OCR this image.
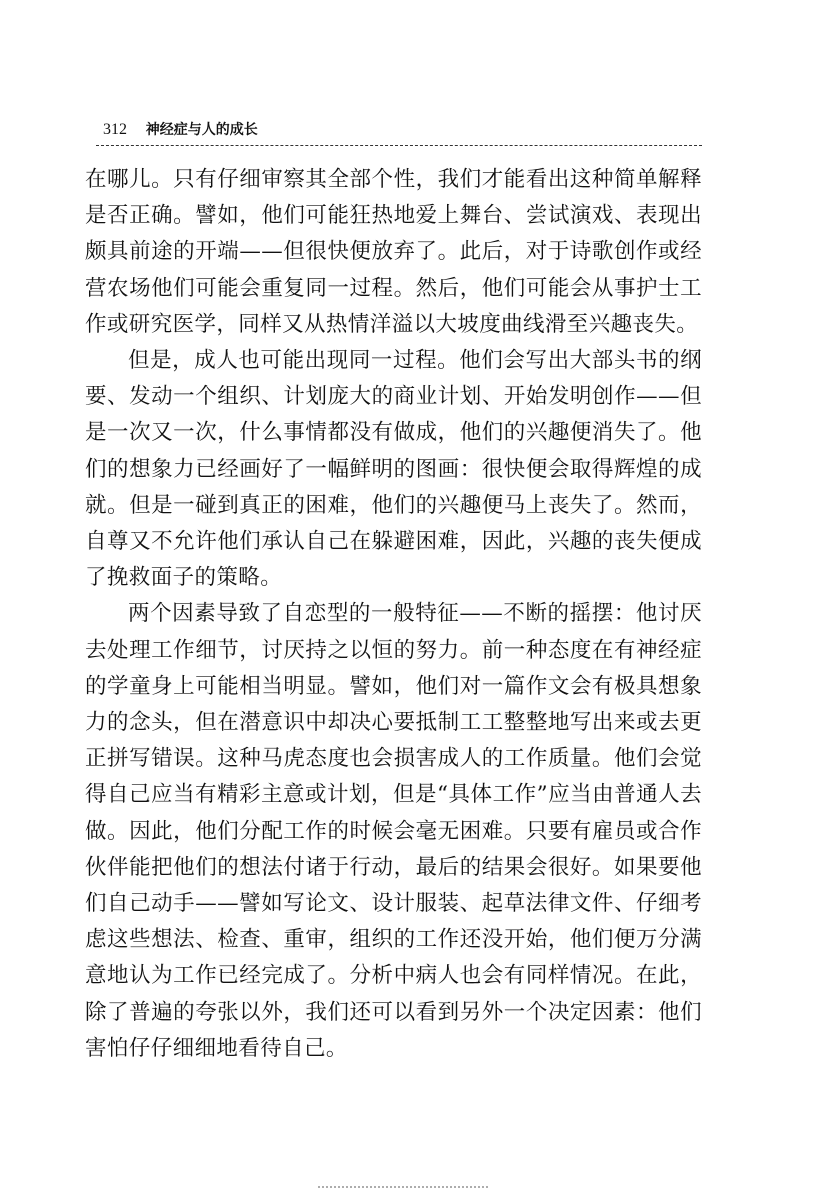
312 神经症与人的成长

在哪儿。只有仔细审察其全部个性，我们才能看出这种简单解释是否正确。譬如，他们可能狂热地爱上舞台、尝试演戏、表现出颇具前途的开端——但很快便放弃了。此后，对于诗歌创作或经营农场他们可能会重复同一过程。然后，他们可能会从事护士工作或研究医学，同样又从热情洋溢以大坡度曲线滑至兴趣丧失。

但是，成人也可能出现同一过程。他们会写出大部头书的纲要、发动一个组织、计划庞大的商业计划、开始发明创作——但是一次又一次，什么事情都没有做成，他们的兴趣便消失了。他们的想象力已经画好了一幅鲜明的图画：很快便会取得辉煌的成就。但是一碰到真正的困难，他们的兴趣便马上丧失了。然而，自尊又不允许他们承认自己在躲避困难，因此，兴趣的丧失便成了挽救面子的策略。

两个因素导致了自恋型的一般特征——不断的摇摆：他讨厌去处理工作细节，讨厌持之以恒的努力。前一种态度在有神经症的学童身上可能相当明显。譬如，他们对一篇作文会有极具想象力的念头，但在潜意识中却决心要抵制工工整整地写出来或去更正拼写错误。这种马虎态度也会损害成人的工作质量。他们会觉得自己应当有精彩主意或计划，但是“具体工作”应当由普通人去做。因此，他们分配工作的时候会毫无困难。只要有雇员或合作伙伴能把他们的想法付诸于行动，最后的结果会很好。如果要他们自己动手——譬如写论文、设计服装、起草法律文件、仔细考虑这些想法、检查、重审，组织的工作还没开始，他们便万分满意地认为工作已经完成了。分析中病人也会有同样情况。在此，除了普遍的夸张以外，我们还可以看到另外一个决定因素：他们害怕仔仔细细地看待自己。
